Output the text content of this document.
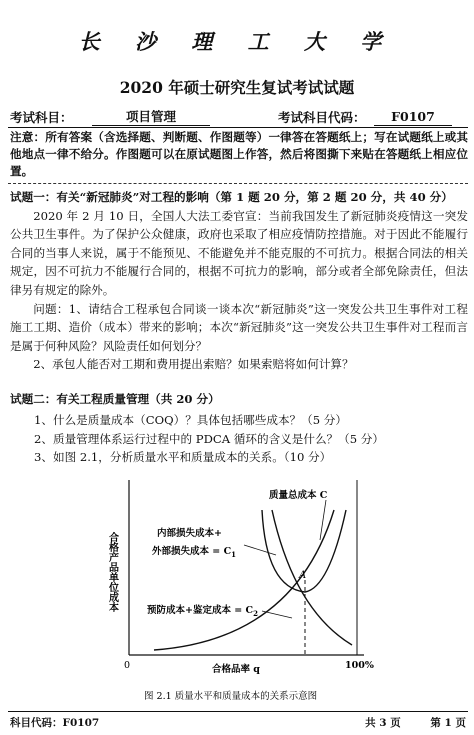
长 沙 理 工 大 学
2020 年硕士研究生复试考试试题
考试科目：	项目管理	考试科目代码：	F0107
注意：所有答案（含选择题、判断题、作图题等）一律答在答题纸上；写在试题纸上或其他地点一律不给分。作图题可以在原试题图上作答，然后将图撕下来贴在答题纸上相应位置。

试题一：有关“新冠肺炎”对工程的影响（第 1 题 20 分，第 2 题 20 分，共 40 分）

2020 年 2 月 10 日，全国人大法工委官宣：当前我国发生了新冠肺炎疫情这一突发公共卫生事件。为了保护公众健康，政府也采取了相应疫情防控措施。对于因此不能履行合同的当事人来说，属于不能预见、不能避免并不能克服的不可抗力。根据合同法的相关规定，因不可抗力不能履行合同的，根据不可抗力的影响，部分或者全部免除责任，但法律另有规定的除外。

问题：1、请结合工程承包合同谈一谈本次“新冠肺炎”这一突发公共卫生事件对工程施工工期、造价（成本）带来的影响；本次“新冠肺炎”这一突发公共卫生事件对工程而言是属于何种风险？风险责任如何划分？

2、承包人能否对工期和费用提出索赔？如果索赔将如何计算？

试题二：有关工程质量管理（共 20 分）
1、什么是质量成本（COQ）？具体包括哪些成本？（5 分）
2、质量管理体系运行过程中的 PDCA 循环的含义是什么？（5 分）
3、如图 2.1，分析质量水平和质量成本的关系。（10 分）
合格产品单位成本
质量总成本 C
内部损失成本+
外部损失成本 = $C_1$
预防成本+鉴定成本 = $C_2$
A
0	100%
合格品率 q
图 2.1 质量水平和质量成本的关系示意图
科目代码：F0107	共 3 页	第 1 页
